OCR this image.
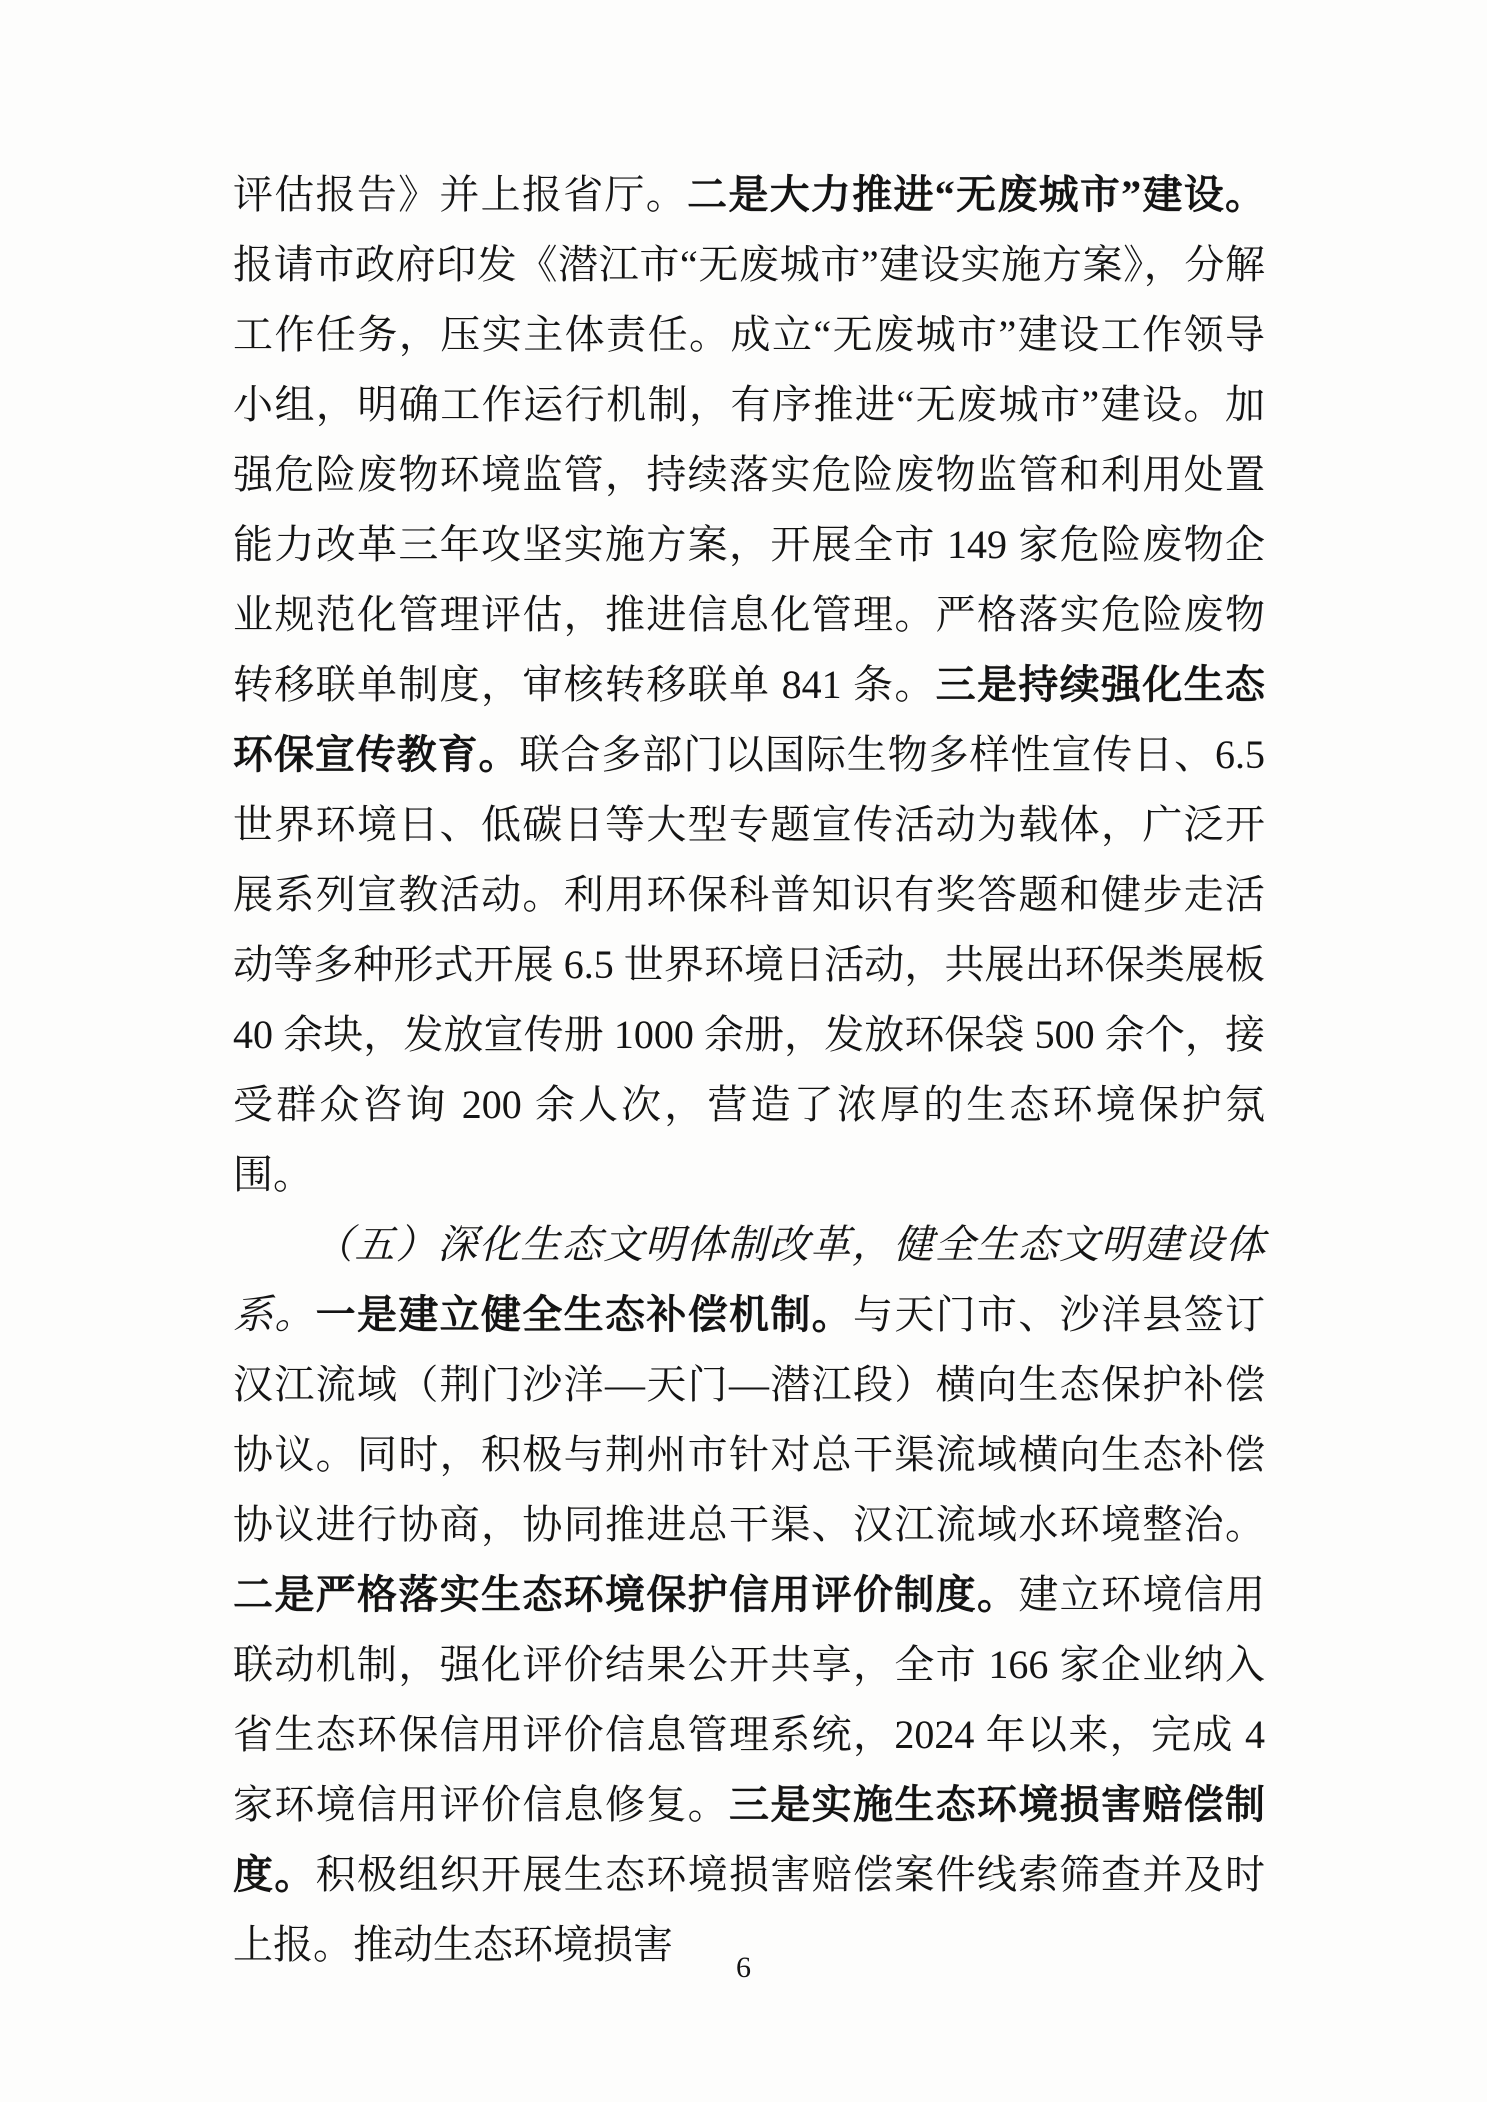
评估报告》并上报省厅。二是大力推进“无废城市”建设。报请市政府印发《潜江市“无废城市”建设实施方案》，分解工作任务，压实主体责任。成立“无废城市”建设工作领导小组，明确工作运行机制，有序推进“无废城市”建设。加强危险废物环境监管，持续落实危险废物监管和利用处置能力改革三年攻坚实施方案，开展全市 149 家危险废物企业规范化管理评估，推进信息化管理。严格落实危险废物转移联单制度，审核转移联单 841 条。三是持续强化生态环保宣传教育。联合多部门以国际生物多样性宣传日、6.5 世界环境日、低碳日等大型专题宣传活动为载体，广泛开展系列宣教活动。利用环保科普知识有奖答题和健步走活动等多种形式开展 6.5 世界环境日活动，共展出环保类展板 40 余块，发放宣传册 1000 余册，发放环保袋 500 余个，接受群众咨询 200 余人次，营造了浓厚的生态环境保护氛围。

（五）深化生态文明体制改革，健全生态文明建设体系。一是建立健全生态补偿机制。与天门市、沙洋县签订汉江流域（荆门沙洋—天门—潜江段）横向生态保护补偿协议。同时，积极与荆州市针对总干渠流域横向生态补偿协议进行协商，协同推进总干渠、汉江流域水环境整治。二是严格落实生态环境保护信用评价制度。建立环境信用联动机制，强化评价结果公开共享，全市 166 家企业纳入省生态环保信用评价信息管理系统，2024 年以来，完成 4 家环境信用评价信息修复。三是实施生态环境损害赔偿制度。积极组织开展生态环境损害赔偿案件线索筛查并及时上报。推动生态环境损害

6
